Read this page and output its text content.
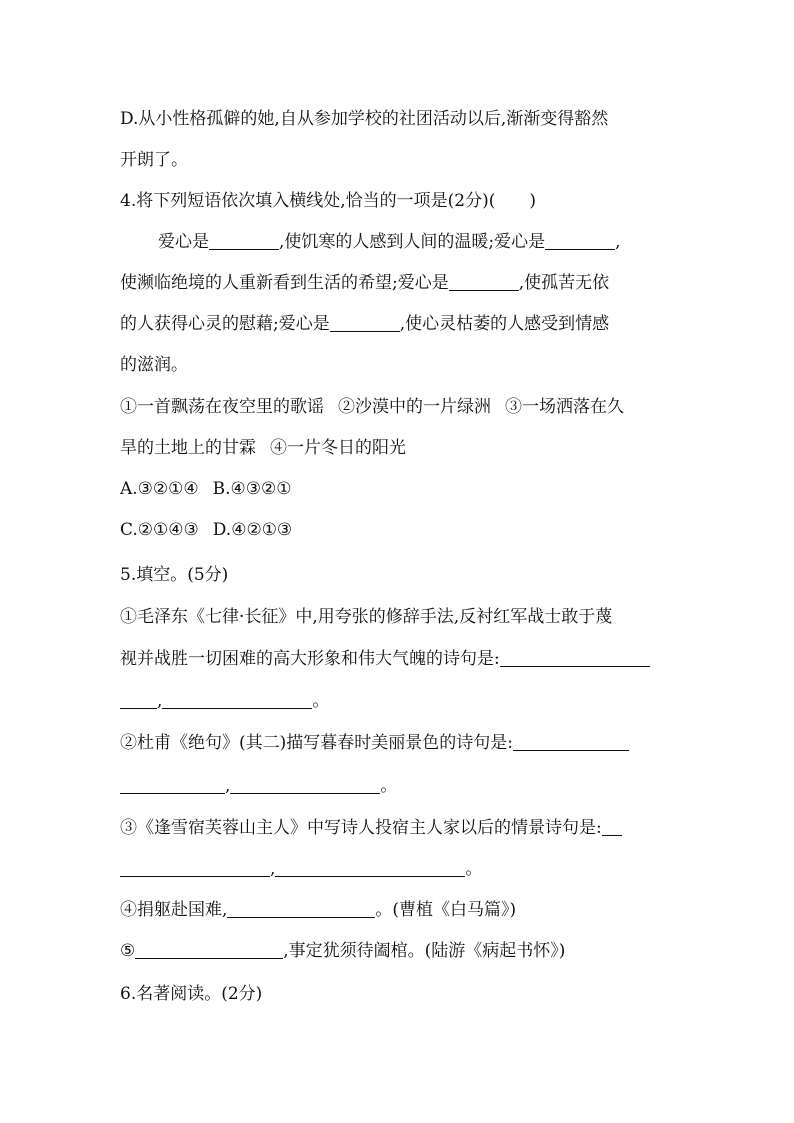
D.从小性格孤僻的她,自从参加学校的社团活动以后,渐渐变得豁然
开朗了。
4.将下列短语依次填入横线处,恰当的一项是(2分)(　　)
爱心是	,使饥寒的人感到人间的温暖;爱心是	,
使濒临绝境的人重新看到生活的希望;爱心是	,使孤苦无依
的人获得心灵的慰藉;爱心是	,使心灵枯萎的人感受到情感
的滋润。
①一首飘荡在夜空里的歌谣 ②沙漠中的一片绿洲 ③一场洒落在久
旱的土地上的甘霖 ④一片冬日的阳光
A.③②①④ B.④③②①
C.②①④③ D.④②①③
5.填空。(5分)
①毛泽东《七律·长征》中,用夸张的修辞手法,反衬红军战士敢于蔑
视并战胜一切困难的高大形象和伟大气魄的诗句是:
,	。
②杜甫《绝句》(其二)描写暮春时美丽景色的诗句是:
,	。
③《逢雪宿芙蓉山主人》中写诗人投宿主人家以后的情景诗句是:
,	。
④捐躯赴国难,	。(曹植《白马篇》)
⑤	,事定犹须待阖棺。(陆游《病起书怀》)
6.名著阅读。(2分)
